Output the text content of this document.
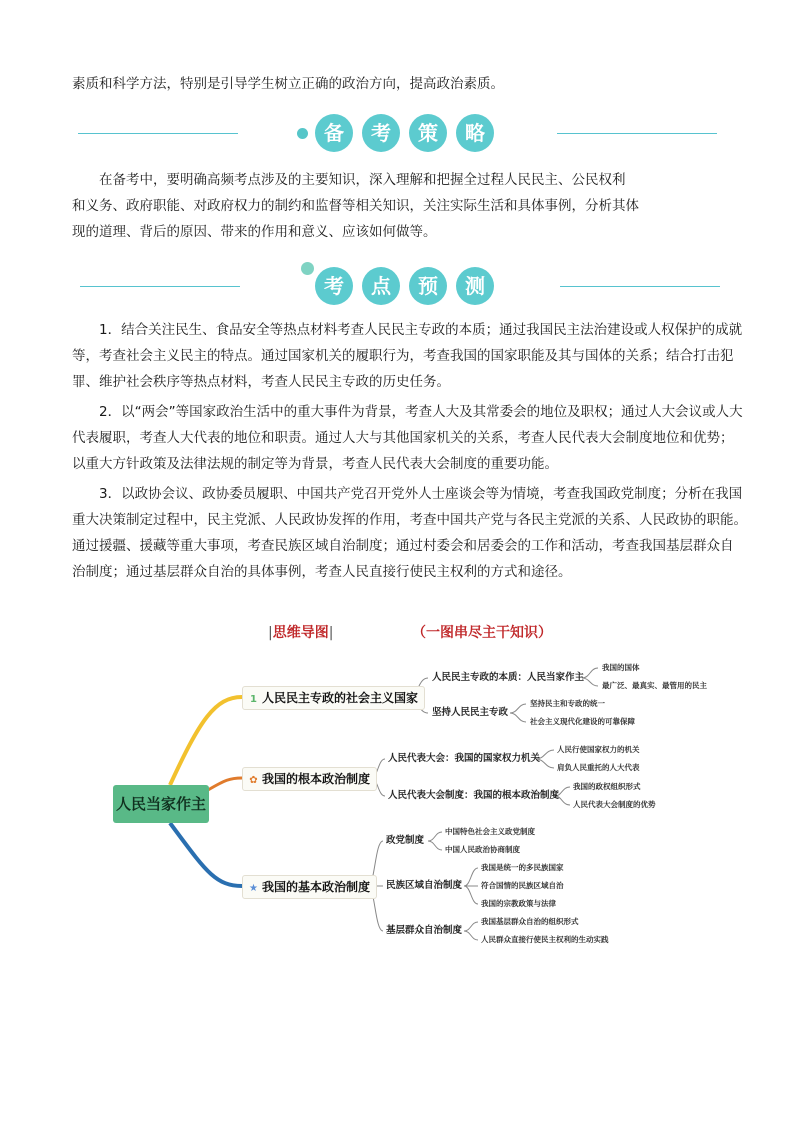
素质和科学方法，特别是引导学生树立正确的政治方向，提高政治素质。
备	考	策	略
在备考中，要明确高频考点涉及的主要知识，深入理解和把握全过程人民民主、公民权利
和义务、政府职能、对政府权力的制约和监督等相关知识，关注实际生活和具体事例，分析其体
现的道理、背后的原因、带来的作用和意义、应该如何做等。
考	点	预	测
1．结合关注民生、食品安全等热点材料考查人民民主专政的本质；通过我国民主法治建设或人权保护的成就
等，考查社会主义民主的特点。通过国家机关的履职行为，考查我国的国家职能及其与国体的关系；结合打击犯
罪、维护社会秩序等热点材料，考查人民民主专政的历史任务。
2．以“两会”等国家政治生活中的重大事件为背景，考查人大及其常委会的地位及职权；通过人大会议或人大
代表履职，考查人大代表的地位和职责。通过人大与其他国家机关的关系，考查人民代表大会制度地位和优势；
以重大方针政策及法律法规的制定等为背景，考查人民代表大会制度的重要功能。
3．以政协会议、政协委员履职、中国共产党召开党外人士座谈会等为情境，考查我国政党制度；分析在我国
重大决策制定过程中，民主党派、人民政协发挥的作用，考查中国共产党与各民主党派的关系、人民政协的职能。
通过援疆、援藏等重大事项，考查民族区域自治制度；通过村委会和居委会的工作和活动，考查我国基层群众自
治制度；通过基层群众自治的具体事例，考查人民直接行使民主权利的方式和途径。
|思维导图|	（一图串尽主干知识）
人民当家作主
1 人民民主专政的社会主义国家
人民民主专政的本质：人民当家作主
我国的国体
最广泛、最真实、最管用的民主
坚持人民民主专政
坚持民主和专政的统一
社会主义现代化建设的可靠保障
✿ 我国的根本政治制度
人民代表大会：我国的国家权力机关
人民行使国家权力的机关
肩负人民重托的人大代表
人民代表大会制度：我国的根本政治制度
我国的政权组织形式
人民代表大会制度的优势
★ 我国的基本政治制度
政党制度
中国特色社会主义政党制度
中国人民政治协商制度
民族区域自治制度
我国是统一的多民族国家
符合国情的民族区域自治
我国的宗教政策与法律
基层群众自治制度
我国基层群众自治的组织形式
人民群众直接行使民主权利的生动实践
